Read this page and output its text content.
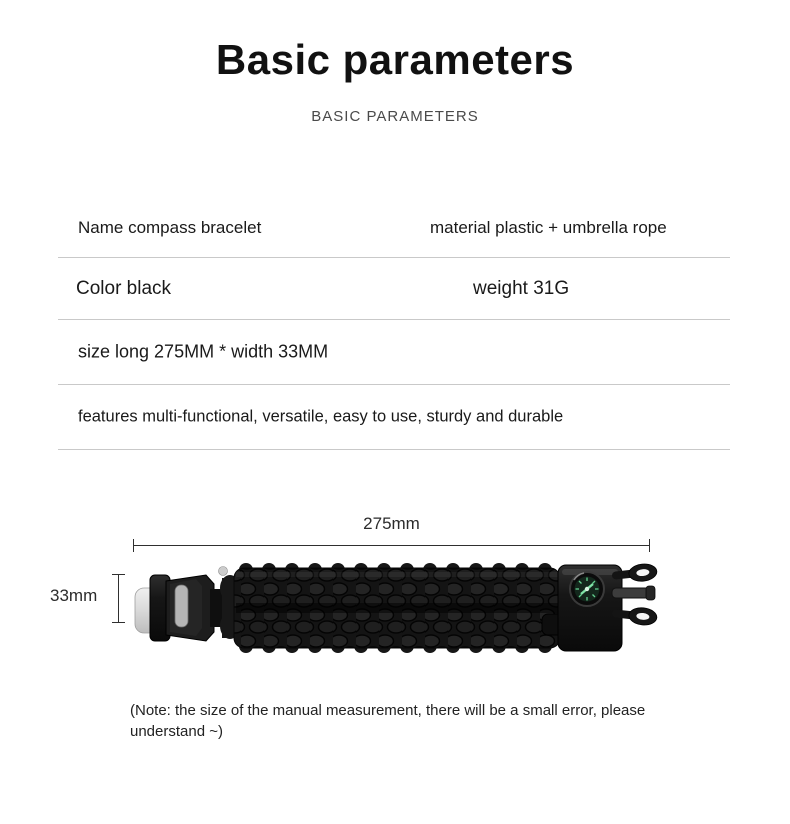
Basic parameters
BASIC PARAMETERS
Name compass bracelet	material plastic + umbrella rope
Color black	weight 31G
size long 275MM * width 33MM
features multi-functional, versatile, easy to use, sturdy and durable
275mm
33mm
(Note: the size of the manual measurement, there will be a small error, please understand ~)
